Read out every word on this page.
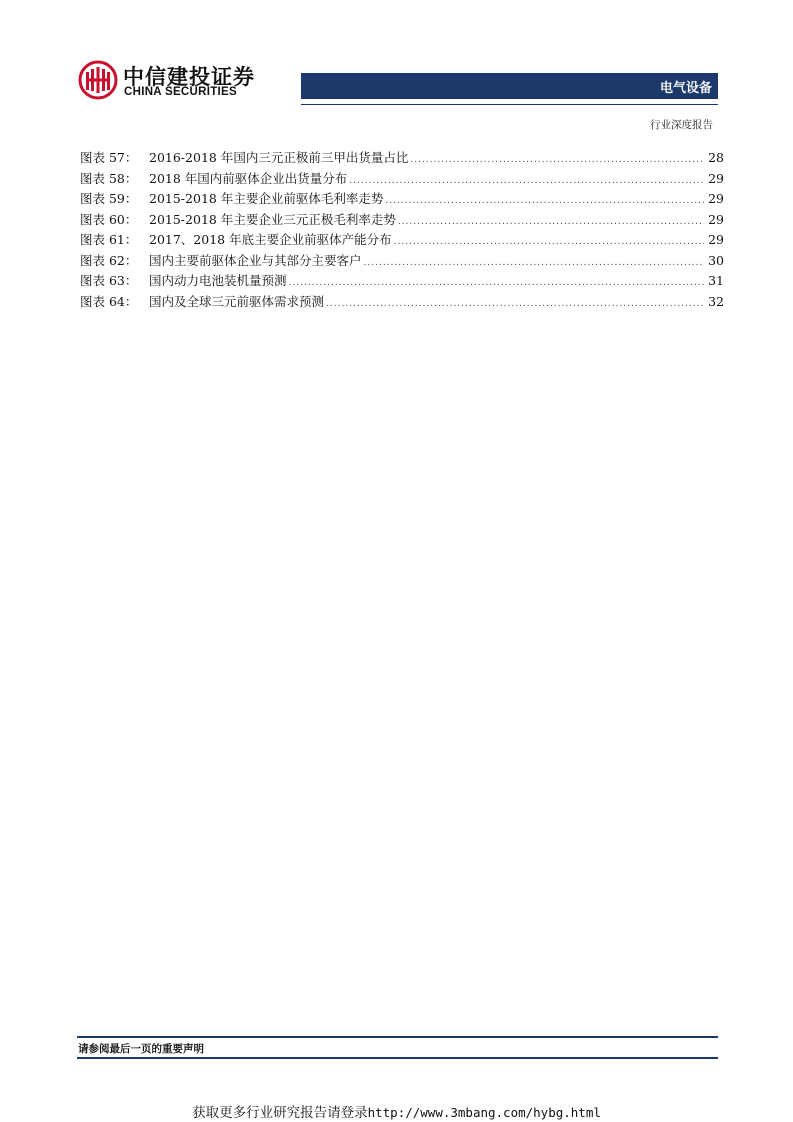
中信建投证券
CHINA SECURITIES	电气设备
行业深度报告
图表 57： 2016-2018 年国内三元正极前三甲出货量占比 .....	28
图表 58： 2018 年国内前驱体企业出货量分布 .....	29
图表 59： 2015-2018 年主要企业前驱体毛利率走势 .....	29
图表 60： 2015-2018 年主要企业三元正极毛利率走势 .....	29
图表 61： 2017、2018 年底主要企业前驱体产能分布 .....	29
图表 62： 国内主要前驱体企业与其部分主要客户 .....	30
图表 63： 国内动力电池装机量预测 .....	31
图表 64： 国内及全球三元前驱体需求预测 .....	32
请参阅最后一页的重要声明
获取更多行业研究报告请登录http://www.3mbang.com/hybg.html
